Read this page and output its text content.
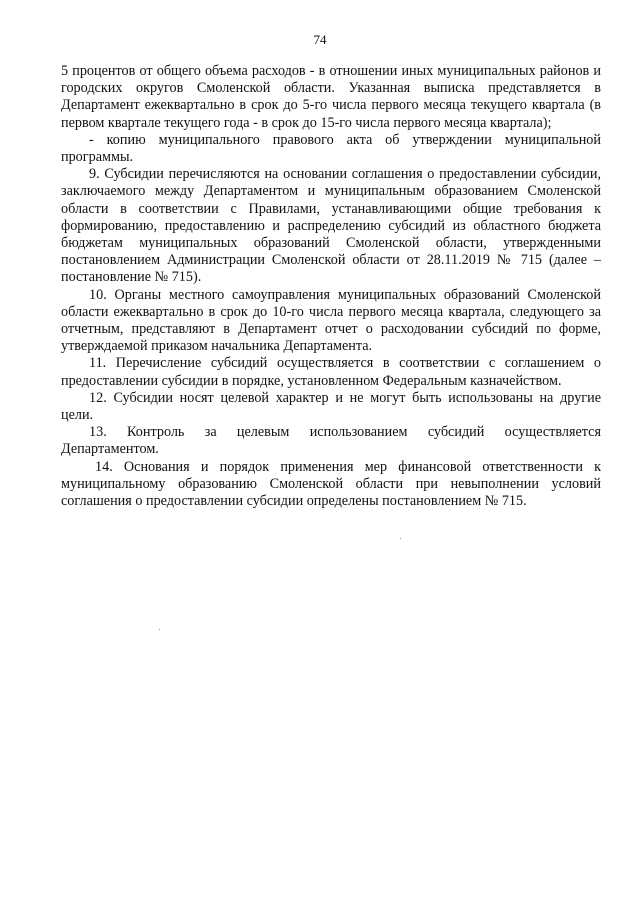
74

5 процентов от общего объема расходов - в отношении иных муниципальных районов и городских округов Смоленской области. Указанная выписка представляется в Департамент ежеквартально в срок до 5-го числа первого месяца текущего квартала (в первом квартале текущего года - в срок до 15-го числа первого месяца квартала);

- копию муниципального правового акта об утверждении муниципальной программы.

9. Субсидии перечисляются на основании соглашения о предоставлении субсидии, заключаемого между Департаментом и муниципальным образованием Смоленской области в соответствии с Правилами, устанавливающими общие требования к формированию, предоставлению и распределению субсидий из областного бюджета бюджетам муниципальных образований Смоленской области, утвержденными постановлением Администрации Смоленской области от 28.11.2019 № 715 (далее – постановление № 715).

10. Органы местного самоуправления муниципальных образований Смоленской области ежеквартально в срок до 10-го числа первого месяца квартала, следующего за отчетным, представляют в Департамент отчет о расходовании субсидий по форме, утверждаемой приказом начальника Департамента.

11. Перечисление субсидий осуществляется в соответствии с соглашением о предоставлении субсидии в порядке, установленном Федеральным казначейством.

12. Субсидии носят целевой характер и не могут быть использованы на другие цели.

13. Контроль за целевым использованием субсидий осуществляется Департаментом.

14. Основания и порядок применения мер финансовой ответственности к муниципальному образованию Смоленской области при невыполнении условий соглашения о предоставлении субсидии определены постановлением № 715.
